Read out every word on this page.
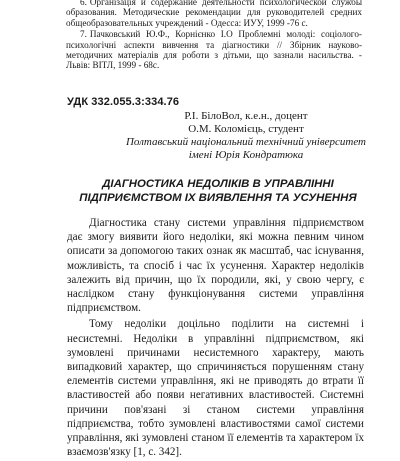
6. Організація й содержание деятельности психологической службы образования. Методические рекомендации для руководителей средних общеобразовательных учреждений - Одесса: ИУУ, 1999 -76 с.

7. Пачковський Ю.Ф., Корнієнко І.О Проблемні молоді: соціолого-психологічні аспекти вивчення та діагностики // Збірник науково-методичних матеріалів для роботи з дітьми, що зазнали насильства. - Львів: ВІТЛ, 1999 - 68с.

УДК 332.055.3:334.76
Р.І. БілоВол, к.е.н., доцент
О.М. Коломієць, студент
Полтавський національний технічний університет
імені Юрія Кондратюка
ДІАГНОСТИКА НЕДОЛІКІВ В УПРАВЛІННІ ПІДПРИЄМСТВОМ ІХ ВИЯВЛЕННЯ ТА УСУНЕННЯ

Діагностика стану системи управління підприємством дає змогу виявити його недоліки, які можна певним чином описати за допомогою таких ознак як масштаб, час існування, можливість, та спосіб і час їх усунення. Характер недоліків залежить від причин, що їх породили, які, у свою чергу, є наслідком стану функціонування системи управління підприємством.

Тому недоліки доцільно поділити на системні і несистемні. Недоліки в управлінні підприємством, які зумовлені причинами несистемного характеру, мають випадковий характер, що спричиняється порушенням стану елементів системи управління, які не приводять до втрати її властивостей або появи негативних властивостей. Системні причини пов'язані зі станом системи управління підприємства, тобто зумовлені властивостями самої системи управління, які зумовлені станом її елементів та характером їх взаємозв'язку [1, с. 342].
